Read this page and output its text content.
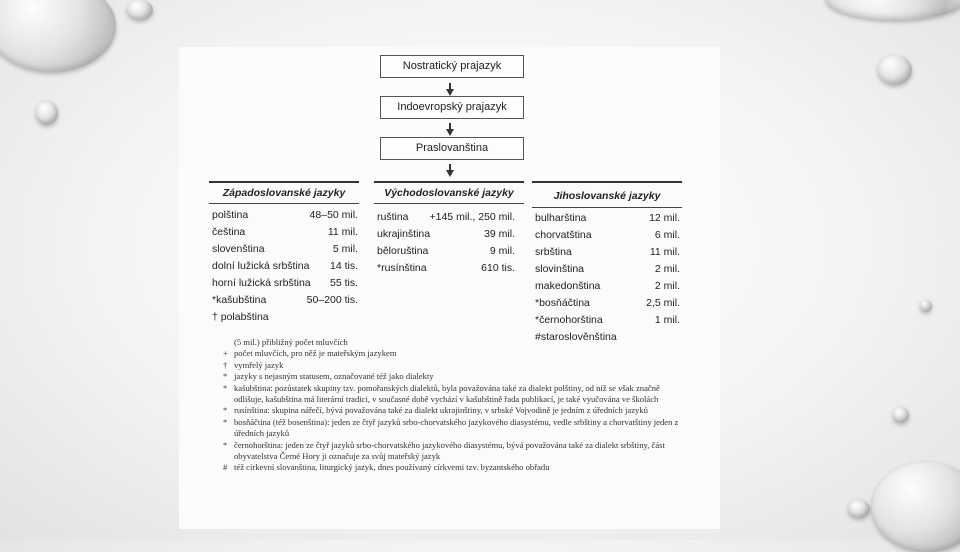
Nostratický prajazyk
Indoevropský prajazyk
Praslovanština
Západoslovanské jazyky
polština	48–50 mil.
čeština	11 mil.
slovenština	5 mil.
dolní lužická srbština 14 tis.
horní lužická srbština 55 tis.
*kašubština	50–200 tis.
† polabština
Východoslovanské jazyky
ruština +145 mil., 250 mil.
ukrajinština	39 mil.
běloruština	9 mil.
*rusínština	610 tis.
Jihoslovanské jazyky
bulharština	12 mil.
chorvatština	6 mil.
srbština	11 mil.
slovinština	2 mil.
makedonština	2 mil.
*bosňáčtina	2,5 mil.
*černohorština	1 mil.
#staroslověnština
(5 mil.) přibližný počet mluvčích
+ počet mluvčích, pro něž je mateřským jazykem
† vymřelý jazyk
* jazyky s nejasným statusem, označované též jako dialekty
* kašubština: pozůstatek skupiny tzv. pomořanských dialektů, byla považována také za dialekt polštiny, od níž se však značně odlišuje, kašubština má literární tradici, v současné době vychází v kašubštině řada publikací, je také vyučována ve školách
* rusínština: skupina nářečí, bývá považována také za dialekt ukrajinštiny, v srbské Vojvodině je jedním z úředních jazyků
* bosňáčtina (též bosenština): jeden ze čtyř jazyků srbo-chorvatského jazykového diasystému, vedle srbštiny a chorvatštiny jeden z úředních jazyků
* černohorština: jeden ze čtyř jazyků srbo-chorvatského jazykového diasystému, bývá považována také za dialekt srbštiny, část obyvatelstva Černé Hory ji označuje za svůj mateřský jazyk
# též církevní slovanština, liturgický jazyk, dnes používaný církvemi tzv. byzantského obřadu
